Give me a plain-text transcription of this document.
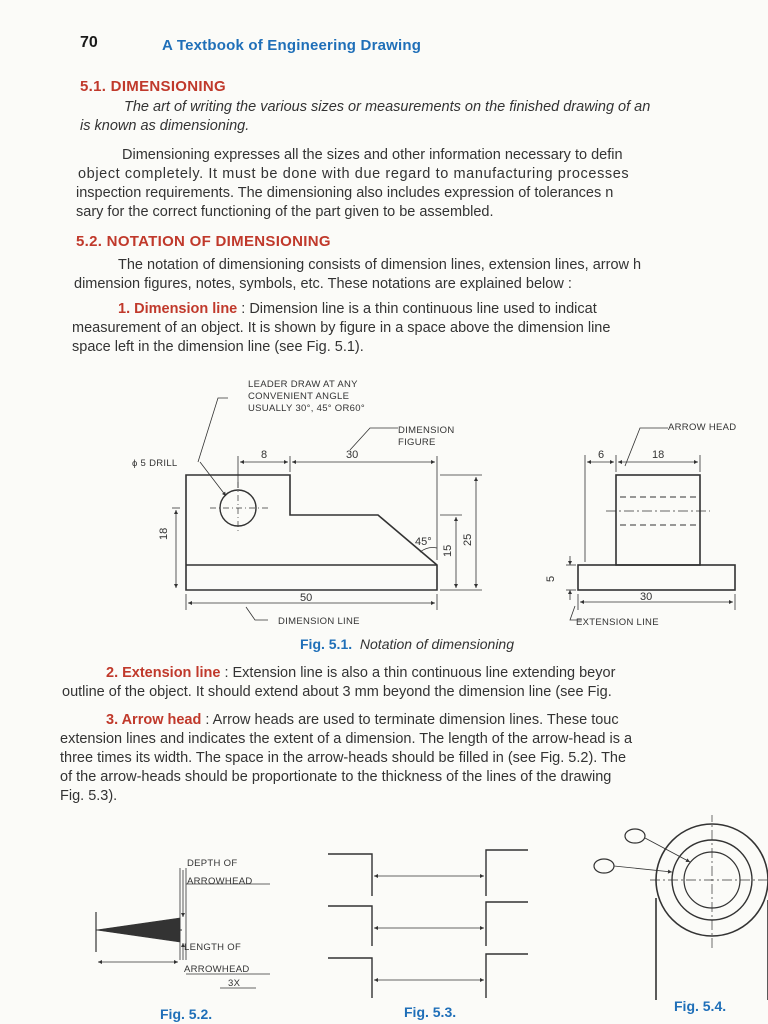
70	A Textbook of Engineering Drawing
5.1. DIMENSIONING
The art of writing the various sizes or measurements on the finished drawing of an
is known as dimensioning.
Dimensioning expresses all the sizes and other information necessary to defin
object completely. It must be done with due regard to manufacturing processes
inspection requirements. The dimensioning also includes expression of tolerances n
sary for the correct functioning of the part given to be assembled.
5.2. NOTATION OF DIMENSIONING
The notation of dimensioning consists of dimension lines, extension lines, arrow h
dimension figures, notes, symbols, etc. These notations are explained below :
1. Dimension line : Dimension line is a thin continuous line used to indicat
measurement of an object. It is shown by figure in a space above the dimension line
space left in the dimension line (see Fig. 5.1).
LEADER DRAW AT ANY
CONVENIENT ANGLE
USUALLY 30°, 45° OR60°
DIMENSION
FIGURE
ϕ 5 DRILL
8	30
18
45°
15
25
50
DIMENSION LINE
ARROW HEAD
6	18
5
30
EXTENSION LINE
Fig. 5.1. Notation of dimensioning
2. Extension line : Extension line is also a thin continuous line extending beyor
outline of the object. It should extend about 3 mm beyond the dimension line (see Fig.
3. Arrow head : Arrow heads are used to terminate dimension lines. These touc
extension lines and indicates the extent of a dimension. The length of the arrow-head is a
three times its width. The space in the arrow-heads should be filled in (see Fig. 5.2). The
of the arrow-heads should be proportionate to the thickness of the lines of the drawing
Fig. 5.3).
DEPTH OF
ARROWHEAD
LENGTH OF
ARROWHEAD
3X
Fig. 5.2.	Fig. 5.3.	Fig. 5.4.
